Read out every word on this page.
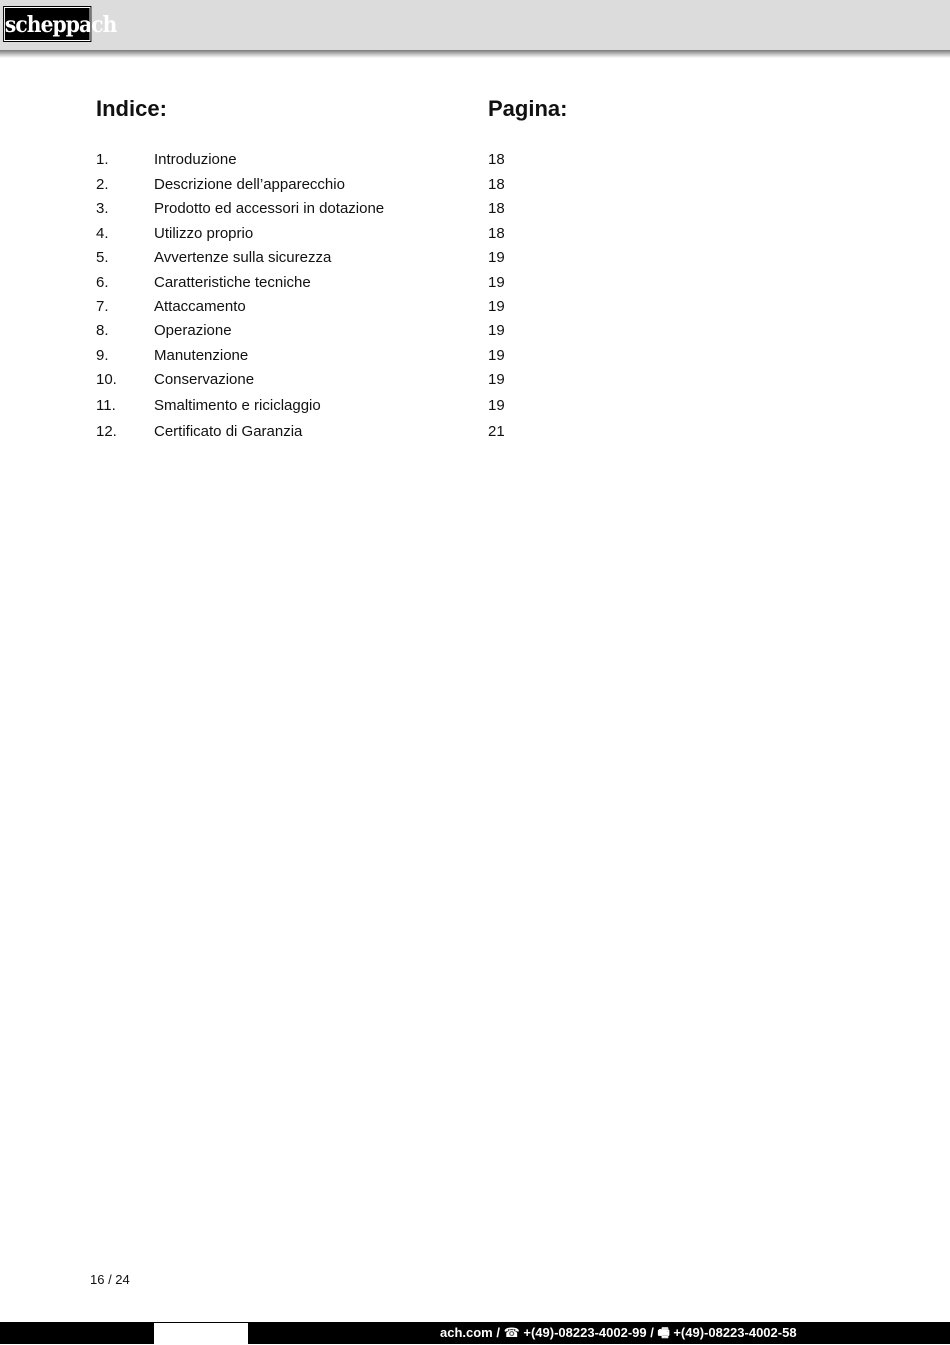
scheppach
Indice:	Pagina:
1.	Introduzione	18
2.	Descrizione dell’apparecchio	18
3.	Prodotto ed accessori in dotazione	18
4.	Utilizzo proprio	18
5.	Avvertenze sulla sicurezza	19
6.	Caratteristiche tecniche	19
7.	Attaccamento	19
8.	Operazione	19
9.	Manutenzione	19
10. Conservazione	19
11.	Smaltimento e riciclaggio	19
12. Certificato di Garanzia	21
16 / 24
ach.com / ☎ +(49)-08223-4002-99 / 🖷 +(49)-08223-4002-58
